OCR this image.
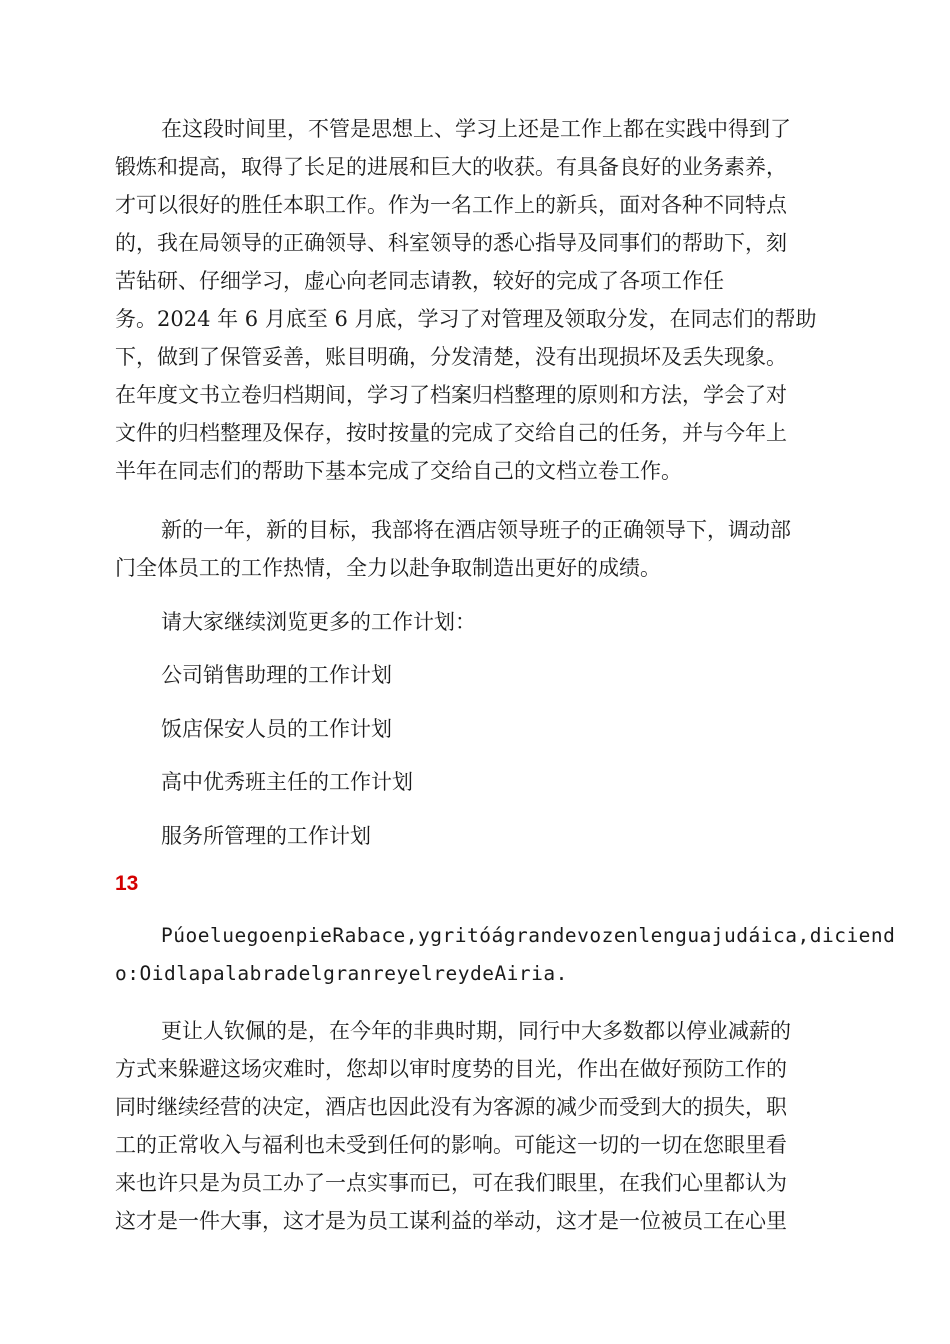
在这段时间里，不管是思想上、学习上还是工作上都在实践中得到了
锻炼和提高，取得了长足的进展和巨大的收获。有具备良好的业务素养，
才可以很好的胜任本职工作。作为一名工作上的新兵，面对各种不同特点
的，我在局领导的正确领导、科室领导的悉心指导及同事们的帮助下，刻
苦钻研、仔细学习，虚心向老同志请教，较好的完成了各项工作任
务。2024 年 6 月底至 6 月底，学习了对管理及领取分发，在同志们的帮助
下，做到了保管妥善，账目明确，分发清楚，没有出现损坏及丢失现象。
在年度文书立卷归档期间，学习了档案归档整理的原则和方法，学会了对
文件的归档整理及保存，按时按量的完成了交给自己的任务，并与今年上
半年在同志们的帮助下基本完成了交给自己的文档立卷工作。
新的一年，新的目标，我部将在酒店领导班子的正确领导下，调动部
门全体员工的工作热情，全力以赴争取制造出更好的成绩。

请大家继续浏览更多的工作计划：

公司销售助理的工作计划

饭店保安人员的工作计划

高中优秀班主任的工作计划

服务所管理的工作计划

13

PúoeluegoenpieRabace,ygritóágrandevozenlenguajudáica,diciend
o:OidlapalabradelgranreyelreydeAiria.
更让人钦佩的是，在今年的非典时期，同行中大多数都以停业减薪的
方式来躲避这场灾难时，您却以审时度势的目光，作出在做好预防工作的
同时继续经营的决定，酒店也因此没有为客源的减少而受到大的损失，职
工的正常收入与福利也未受到任何的影响。可能这一切的一切在您眼里看
来也许只是为员工办了一点实事而已，可在我们眼里，在我们心里都认为
这才是一件大事，这才是为员工谋利益的举动，这才是一位被员工在心里
